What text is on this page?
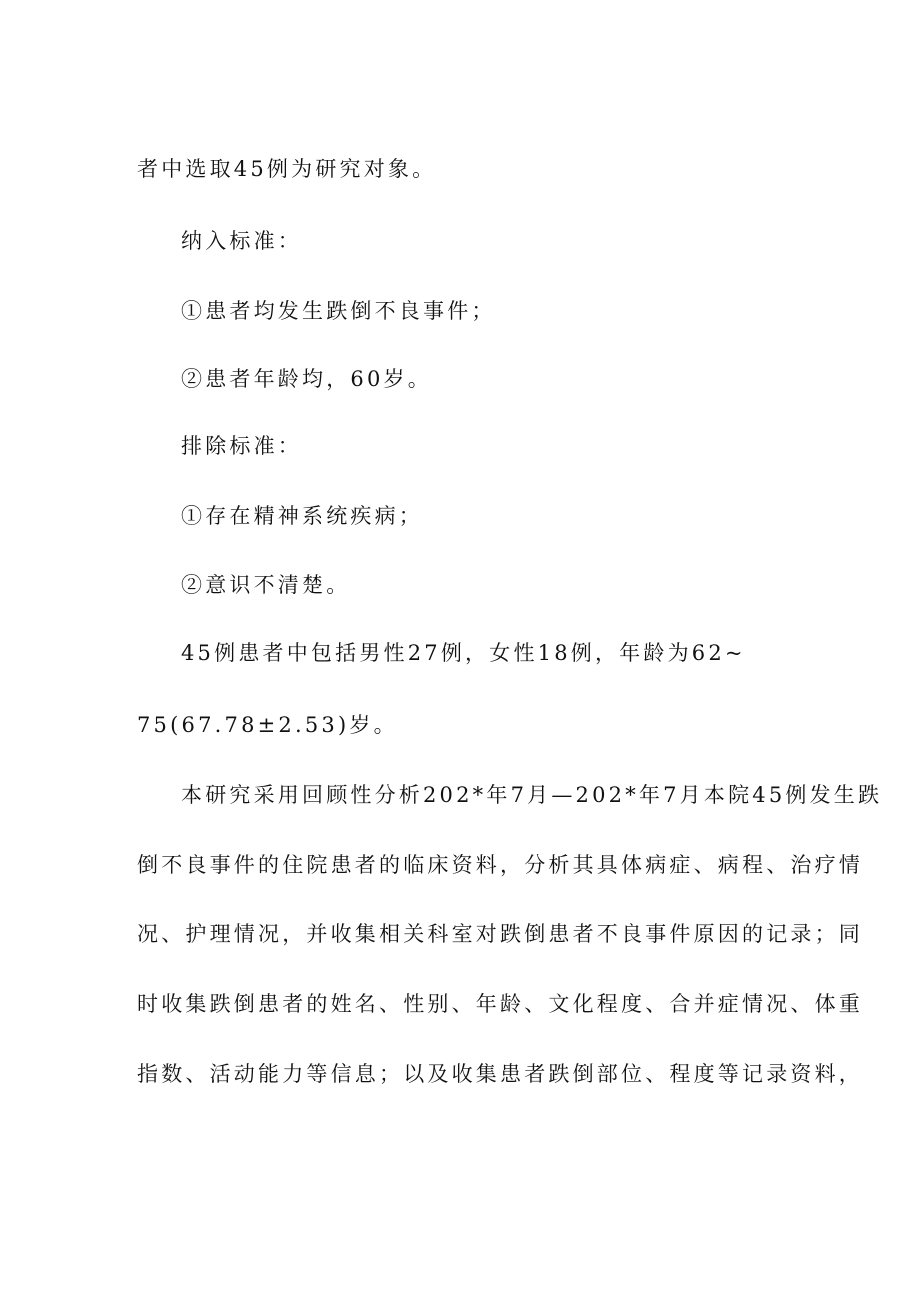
者中选取45例为研究对象。
纳入标准：
①患者均发生跌倒不良事件；
②患者年龄均，60岁。
排除标准：
①存在精神系统疾病；
②意识不清楚。
45例患者中包括男性27例，女性18例，年龄为62~
75(67.78±2.53)岁。
本研究采用回顾性分析202*年7月—202*年7月本院45例发生跌
倒不良事件的住院患者的临床资料，分析其具体病症、病程、治疗情
况、护理情况，并收集相关科室对跌倒患者不良事件原因的记录；同
时收集跌倒患者的姓名、性别、年龄、文化程度、合并症情况、体重
指数、活动能力等信息；以及收集患者跌倒部位、程度等记录资料，
